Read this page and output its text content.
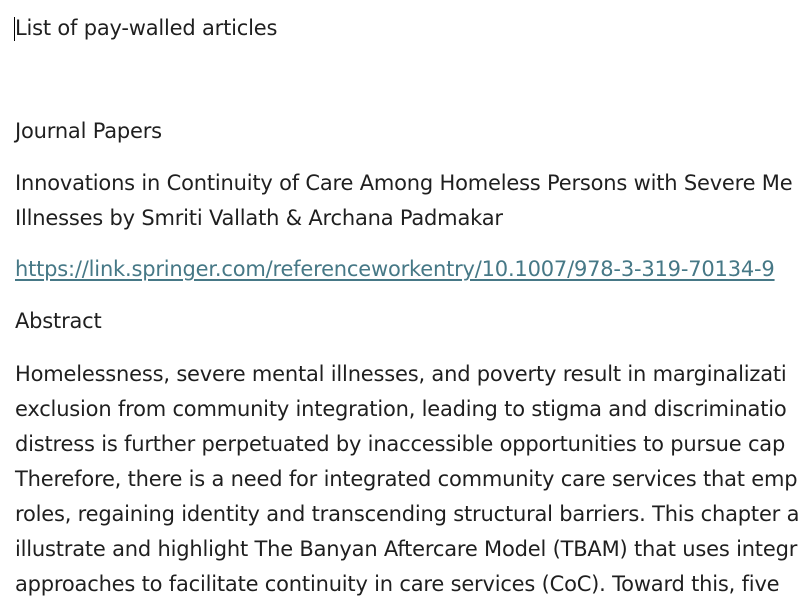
List of pay-walled articles
Journal Papers
Innovations in Continuity of Care Among Homeless Persons with Severe Me
Illnesses by Smriti Vallath & Archana Padmakar
https://link.springer.com/referenceworkentry/10.1007/978-3-319-70134-9
Abstract
Homelessness, severe mental illnesses, and poverty result in marginalizati
exclusion from community integration, leading to stigma and discriminatio
distress is further perpetuated by inaccessible opportunities to pursue cap
Therefore, there is a need for integrated community care services that emp
roles, regaining identity and transcending structural barriers. This chapter a
illustrate and highlight The Banyan Aftercare Model (TBAM) that uses integr
approaches to facilitate continuity in care services (CoC). Toward this, five
